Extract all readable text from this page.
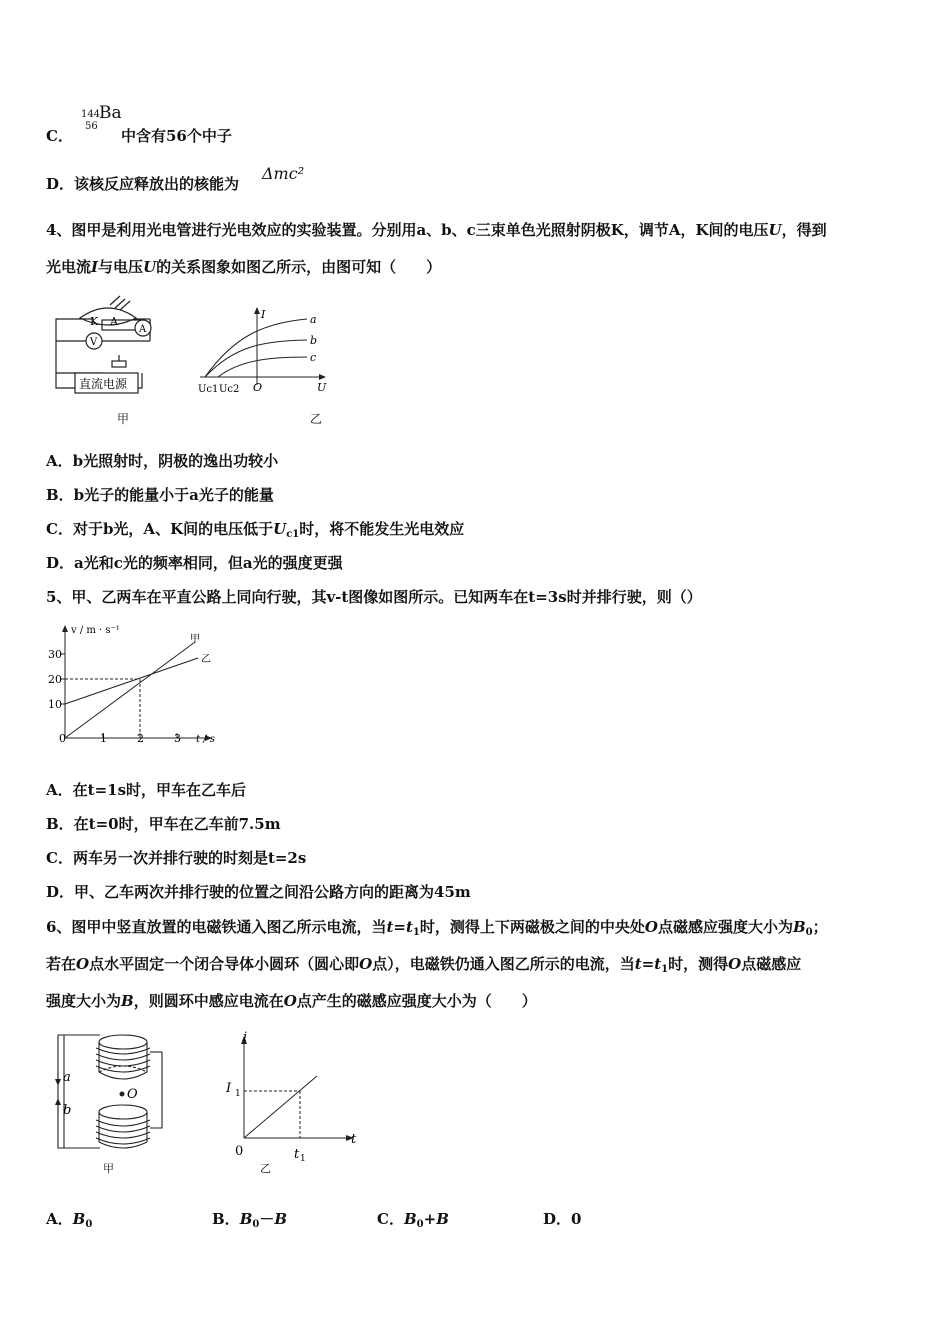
C．
144
56
Ba
中含有56个中子
D．该核反应释放出的核能为
Δmc²
4、图甲是利用光电管进行光电效应的实验装置。分别用a、b、c三束单色光照射阴极K，调节A，K间的电压U，得到
光电流I与电压U的关系图象如图乙所示，由图可知（　　）
K A
A
V
直流电源
甲
I
U
O
Uc1 Uc2
a
b
c
乙
A．b光照射时，阴极的逸出功较小
B．b光子的能量小于a光子的能量
C．对于b光，A、K间的电压低于$U_{c1}$时，将不能发生光电效应
D．a光和c光的频率相同，但a光的强度更强
5、甲、乙两车在平直公路上同向行驶，其v-t图像如图所示。已知两车在t=3s时并排行驶，则（）
v / m · s⁻¹
t / s
甲
乙
10
20
30
0	1	2	3
A．在t=1s时，甲车在乙车后
B．在t=0时，甲车在乙车前7.5m
C．两车另一次并排行驶的时刻是t=2s
D．甲、乙车两次并排行驶的位置之间沿公路方向的距离为45m
6、图甲中竖直放置的电磁铁通入图乙所示电流，当$t=t_1$时，测得上下两磁极之间的中央处O点磁感应强度大小为$B_0$；
若在O点水平固定一个闭合导体小圆环（圆心即O点），电磁铁仍通入图乙所示的电流，当$t=t_1$时，测得O点磁感应
强度大小为B，则圆环中感应电流在O点产生的磁感应强度大小为（　　）
a
b
O
甲
i
t
I 1
t 1
0
乙
A．$B_0$	B．$B_0-B$	C．$B_0+B$	D．0
